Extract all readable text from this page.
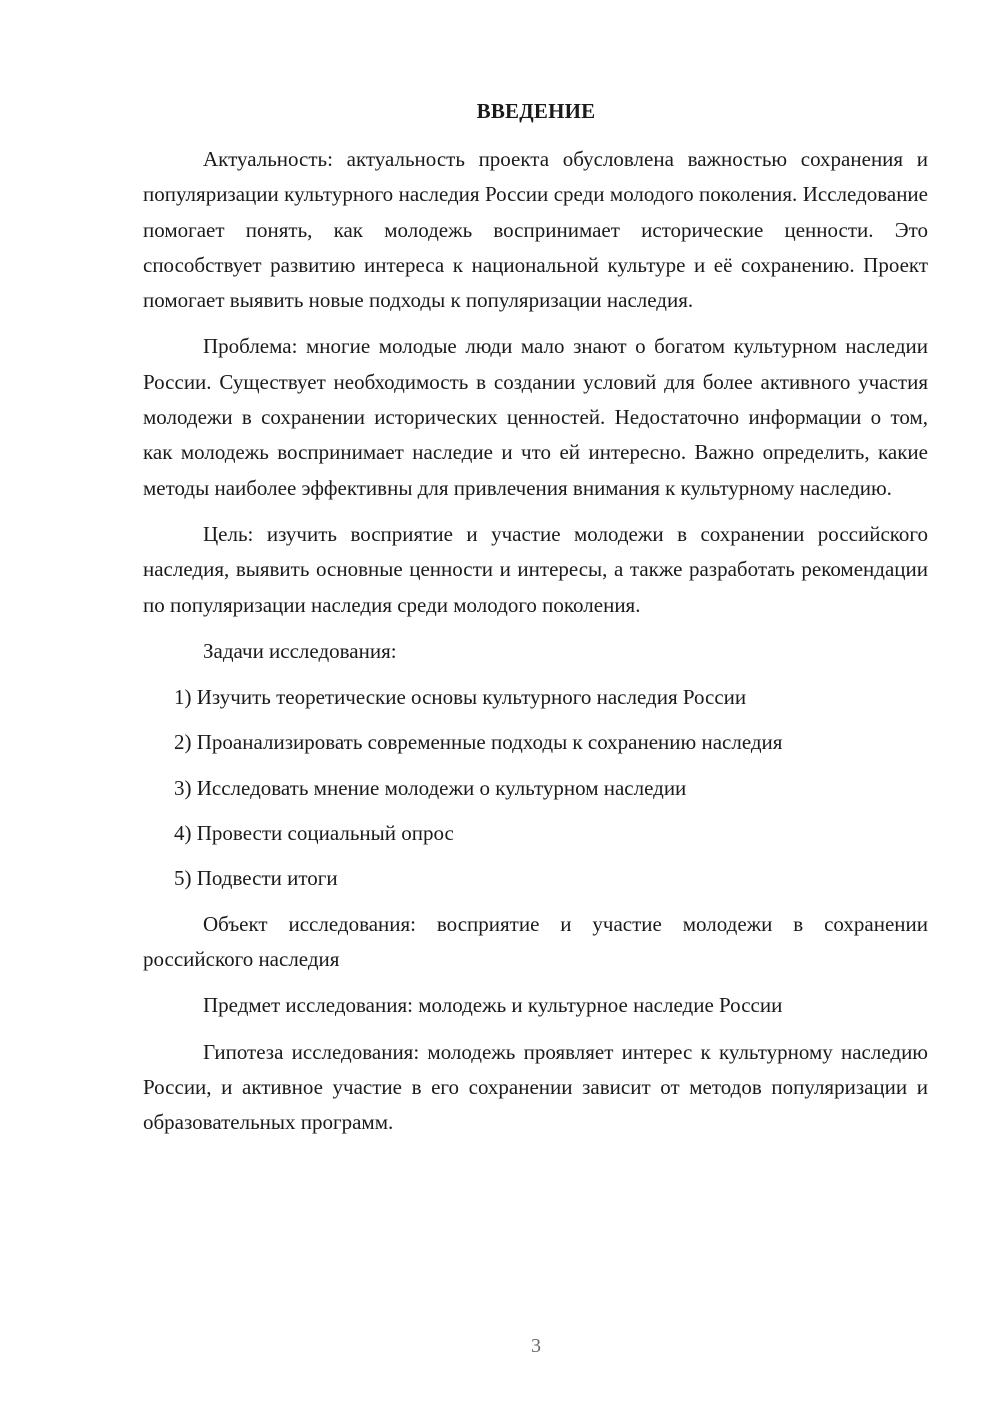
ВВЕДЕНИЕ

Актуальность: актуальность проекта обусловлена важностью сохранения и популяризации культурного наследия России среди молодого поколения. Исследование помогает понять, как молодежь воспринимает исторические ценности. Это способствует развитию интереса к национальной культуре и её сохранению. Проект помогает выявить новые подходы к популяризации наследия.

Проблема: многие молодые люди мало знают о богатом культурном наследии России. Существует необходимость в создании условий для более активного участия молодежи в сохранении исторических ценностей. Недостаточно информации о том, как молодежь воспринимает наследие и что ей интересно. Важно определить, какие методы наиболее эффективны для привлечения внимания к культурному наследию.

Цель: изучить восприятие и участие молодежи в сохранении российского наследия, выявить основные ценности и интересы, а также разработать рекомендации по популяризации наследия среди молодого поколения.

Задачи исследования:

1) Изучить теоретические основы культурного наследия России
2) Проанализировать современные подходы к сохранению наследия
3) Исследовать мнение молодежи о культурном наследии
4) Провести социальный опрос
5) Подвести итоги

Объект исследования: восприятие и участие молодежи в сохранении российского наследия

Предмет исследования: молодежь и культурное наследие России

Гипотеза исследования: молодежь проявляет интерес к культурному наследию России, и активное участие в его сохранении зависит от методов популяризации и образовательных программ.

3
